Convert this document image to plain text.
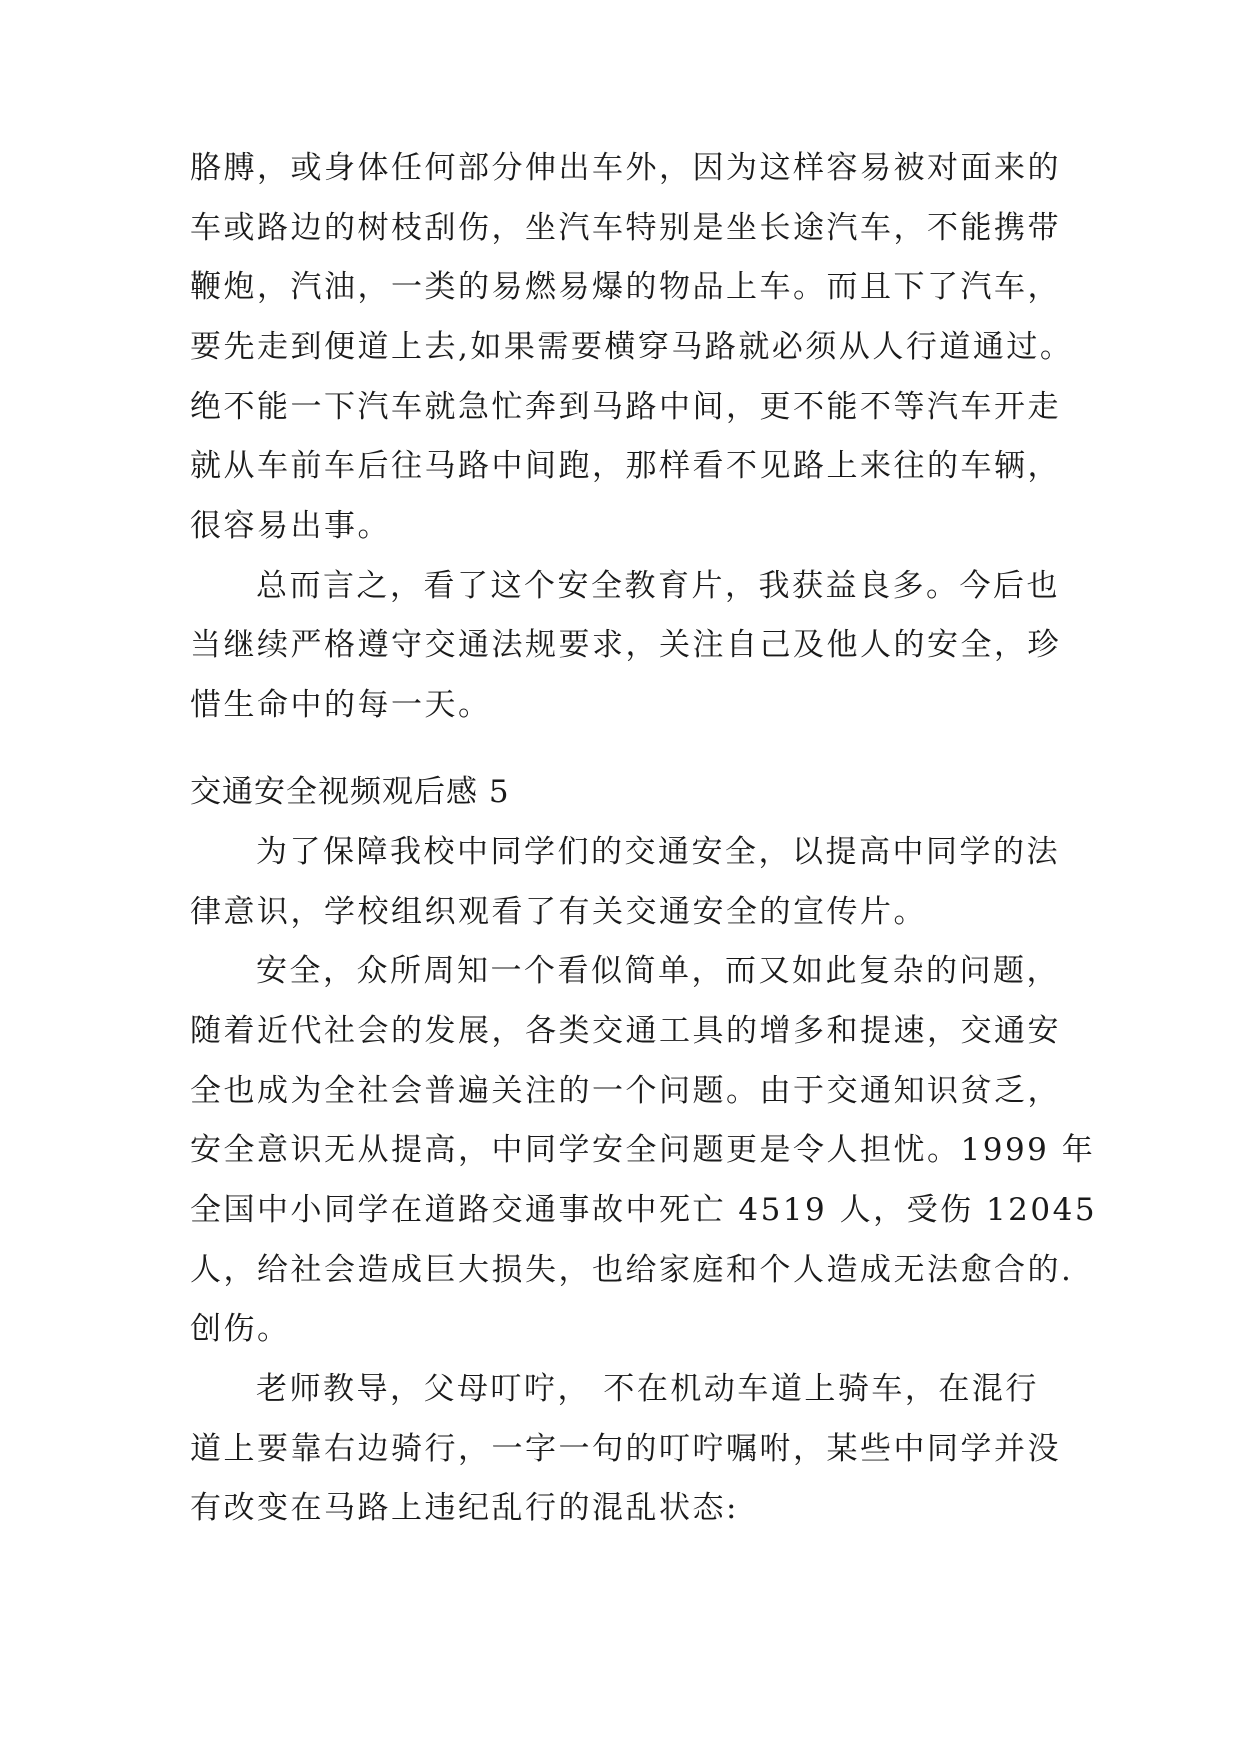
胳膊，或身体任何部分伸出车外，因为这样容易被对面来的
车或路边的树枝刮伤，坐汽车特别是坐长途汽车，不能携带
鞭炮，汽油，一类的易燃易爆的物品上车。而且下了汽车，
要先走到便道上去,如果需要横穿马路就必须从人行道通过。
绝不能一下汽车就急忙奔到马路中间，更不能不等汽车开走
就从车前车后往马路中间跑，那样看不见路上来往的车辆，
很容易出事。
总而言之，看了这个安全教育片，我获益良多。今后也
当继续严格遵守交通法规要求，关注自己及他人的安全，珍
惜生命中的每一天。
交通安全视频观后感 5
为了保障我校中同学们的交通安全，以提高中同学的法
律意识，学校组织观看了有关交通安全的宣传片。
安全，众所周知一个看似简单，而又如此复杂的问题，
随着近代社会的发展，各类交通工具的增多和提速，交通安
全也成为全社会普遍关注的一个问题。由于交通知识贫乏，
安全意识无从提高，中同学安全问题更是令人担忧。1999 年
全国中小同学在道路交通事故中死亡 4519 人，受伤 12045
人，给社会造成巨大损失，也给家庭和个人造成无法愈合的.
创伤。
老师教导，父母叮咛， 不在机动车道上骑车，在混行
道上要靠右边骑行，一字一句的叮咛嘱咐，某些中同学并没
有改变在马路上违纪乱行的混乱状态:
